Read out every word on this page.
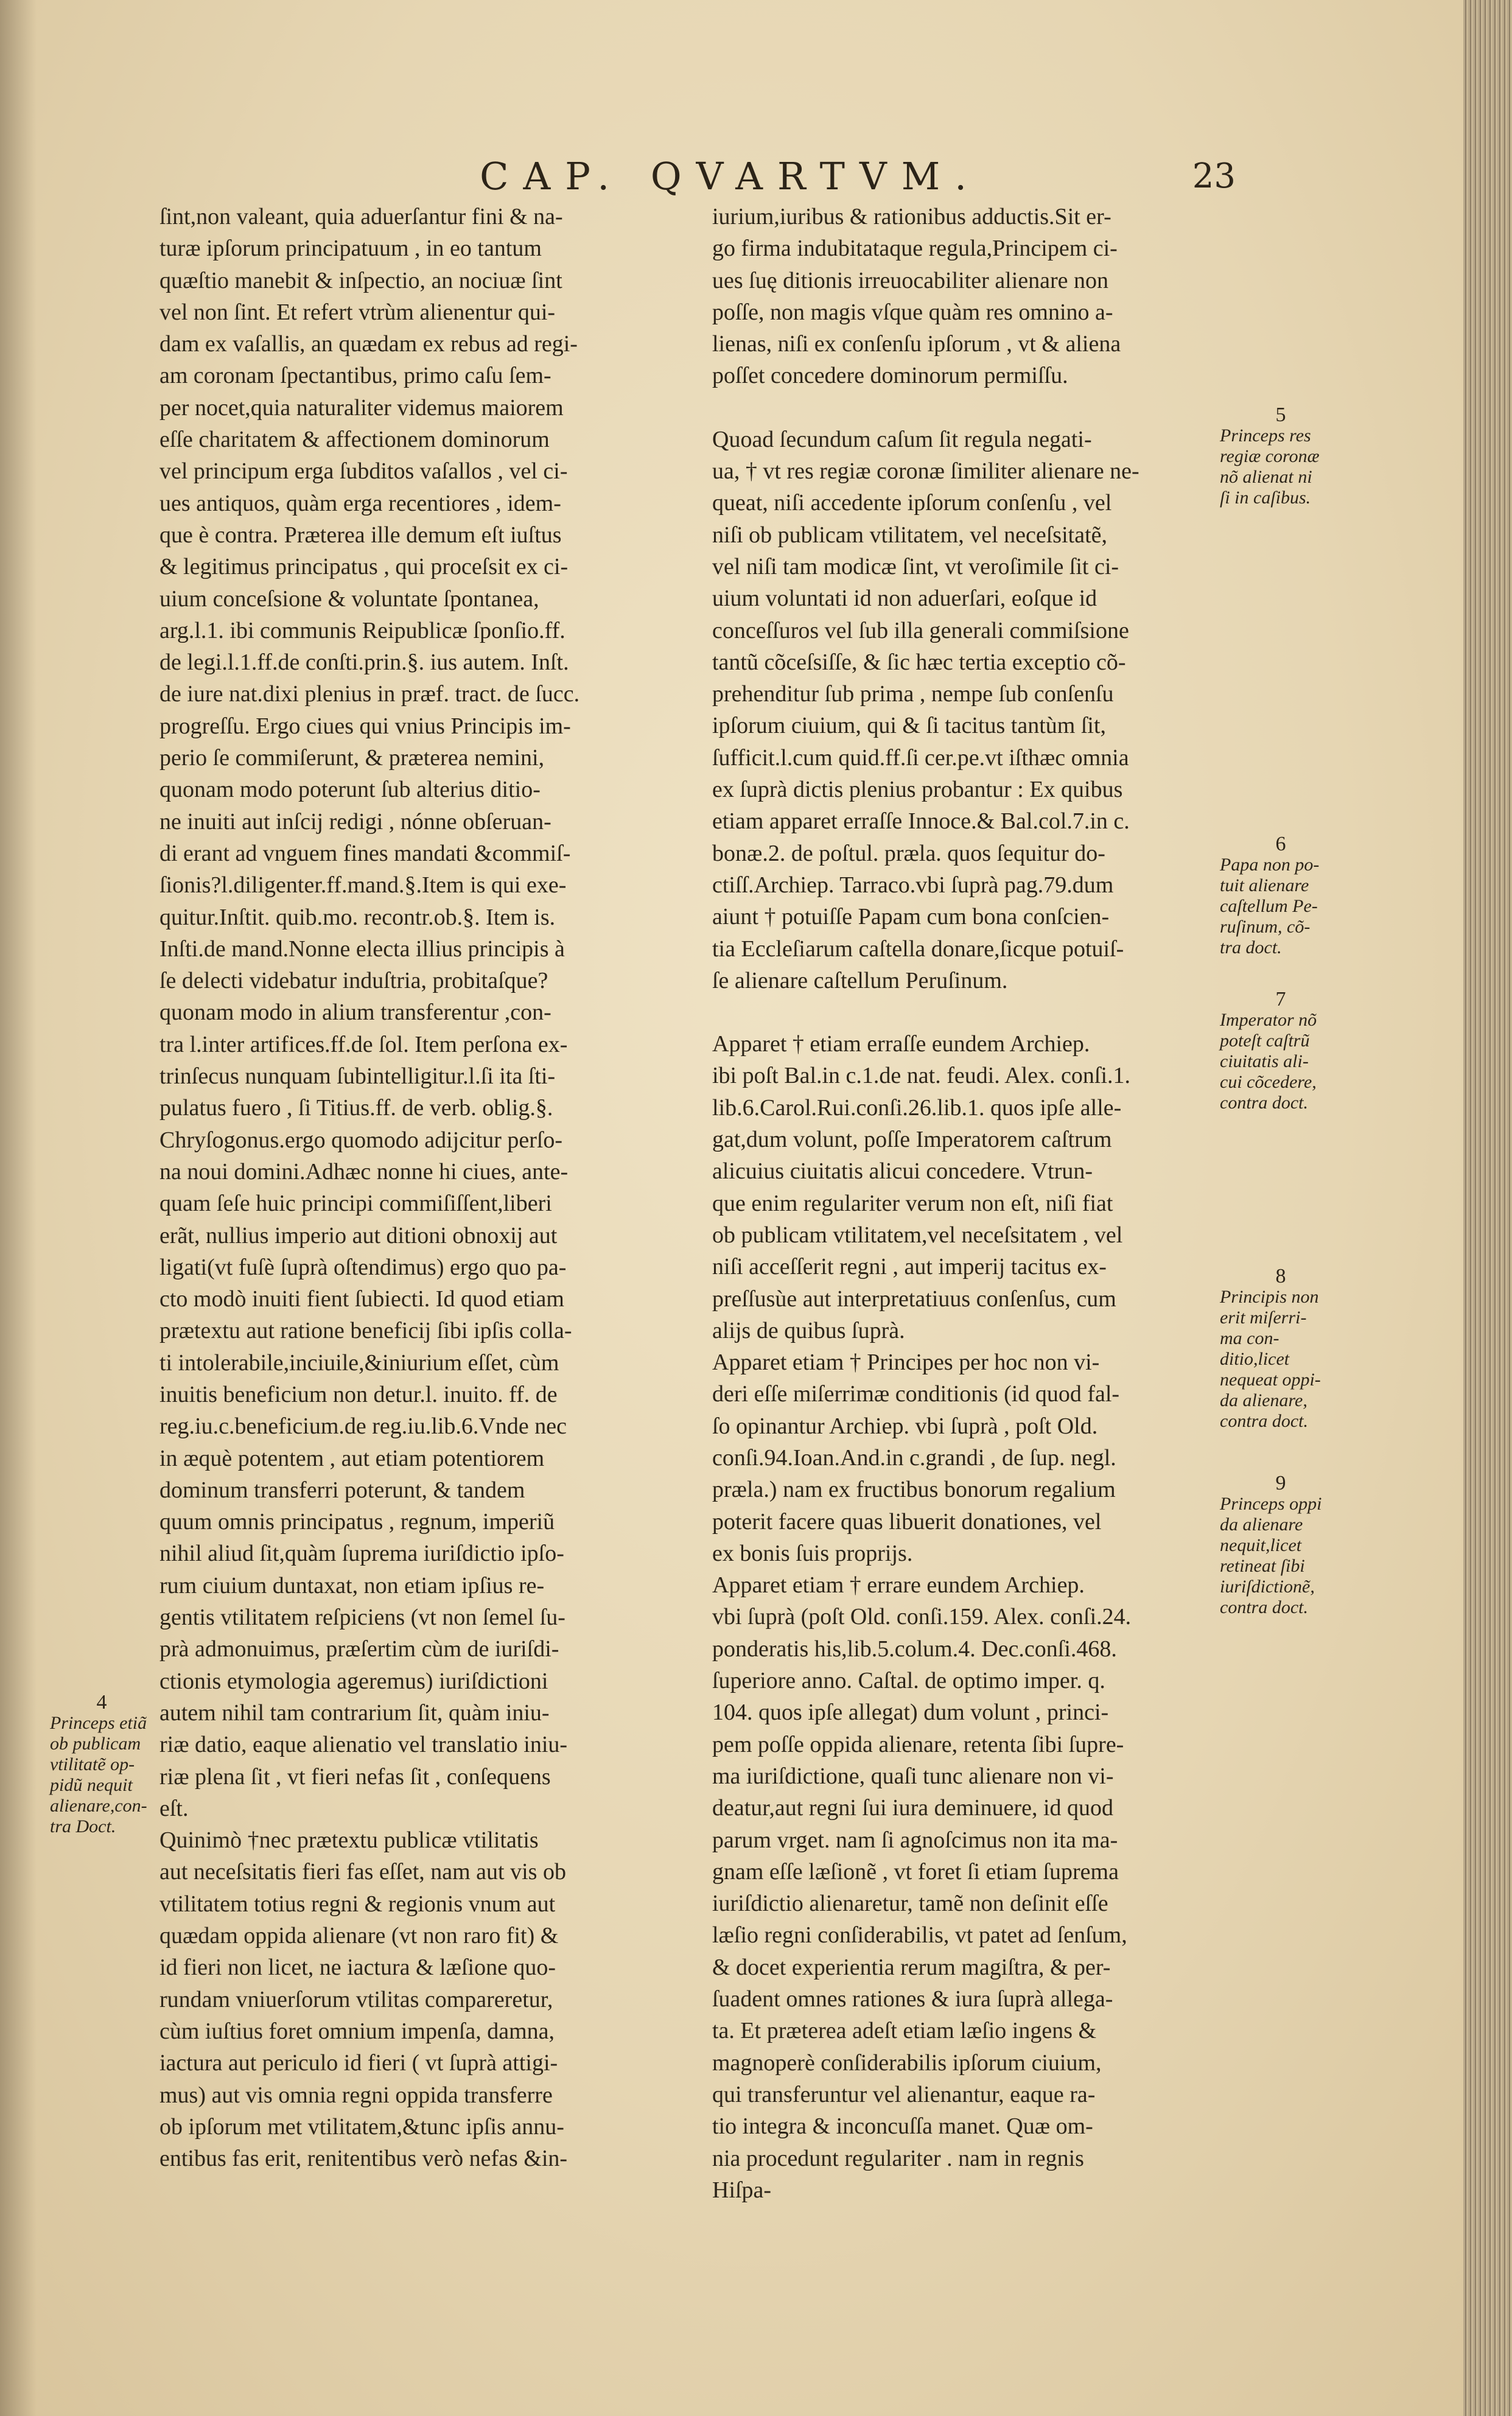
CAP. QVARTVM.	23

ſint,non valeant, quia aduerſantur fini & na-

turæ ipſorum principatuum , in eo tantum

quæſtio manebit & inſpectio, an nociuæ ſint

vel non ſint. Et refert vtrùm alienentur qui-

dam ex vaſallis, an quædam ex rebus ad regi-

am coronam ſpectantibus, primo caſu ſem-

per nocet,quia naturaliter videmus maiorem

eſſe charitatem & affectionem dominorum

vel principum erga ſubditos vaſallos , vel ci-

ues antiquos, quàm erga recentiores , idem-

que è contra. Præterea ille demum eſt iuſtus

& legitimus principatus , qui proceſsit ex ci-

uium conceſsione & voluntate ſpontanea,

arg.l.1. ibi communis Reipublicæ ſponſio.ff.

de legi.l.1.ff.de conſti.prin.§. ius autem. Inſt.

de iure nat.dixi plenius in præf. tract. de ſucc.

progreſſu. Ergo ciues qui vnius Principis im-

perio ſe commiſerunt, & præterea nemini,

quonam modo poterunt ſub alterius ditio-

ne inuiti aut inſcij redigi , nónne obſeruan-

di erant ad vnguem fines mandati &commiſ-

ſionis?l.diligenter.ff.mand.§.Item is qui exe-

quitur.Inſtit. quib.mo. recontr.ob.§. Item is.

Inſti.de mand.Nonne electa illius principis à

ſe delecti videbatur induſtria, probitaſque?

quonam modo in alium transferentur ,con-

tra l.inter artifices.ff.de ſol. Item perſona ex-

trinſecus nunquam ſubintelligitur.l.ſi ita ſti-

pulatus fuero , ſi Titius.ff. de verb. oblig.§.

Chryſogonus.ergo quomodo adijcitur perſo-

na noui domini.Adhæc nonne hi ciues, ante-

quam ſeſe huic principi commiſiſſent,liberi

erãt, nullius imperio aut ditioni obnoxij aut

ligati(vt fuſè ſuprà oſtendimus) ergo quo pa-

cto modò inuiti fient ſubiecti. Id quod etiam

prætextu aut ratione beneficij ſibi ipſis colla-

ti intolerabile,inciuile,&iniurium eſſet, cùm

inuitis beneficium non detur.l. inuito. ff. de

reg.iu.c.beneficium.de reg.iu.lib.6.Vnde nec

in æquè potentem , aut etiam potentiorem

dominum transferri poterunt, & tandem

quum omnis principatus , regnum, imperiũ

nihil aliud ſit,quàm ſuprema iuriſdictio ipſo-

rum ciuium duntaxat, non etiam ipſius re-

gentis vtilitatem reſpiciens (vt non ſemel ſu-

prà admonuimus, præſertim cùm de iuriſdi-

ctionis etymologia ageremus) iuriſdictioni

autem nihil tam contrarium ſit, quàm iniu-

riæ datio, eaque alienatio vel translatio iniu-

riæ plena ſit , vt fieri nefas ſit , conſequens

eſt.

Quinimò †nec prætextu publicæ vtilitatis

aut neceſsitatis fieri fas eſſet, nam aut vis ob

vtilitatem totius regni & regionis vnum aut

quædam oppida alienare (vt non raro fit) &

id fieri non licet, ne iactura & læſione quo-

rundam vniuerſorum vtilitas compareretur,

cùm iuſtius foret omnium impenſa, damna,

iactura aut periculo id fieri ( vt ſuprà attigi-

mus) aut vis omnia regni oppida transferre

ob ipſorum met vtilitatem,&tunc ipſis annu-

entibus fas erit, renitentibus verò nefas &in-

iurium,iuribus & rationibus adductis.Sit er-

go firma indubitataque regula,Principem ci-

ues ſuę ditionis irreuocabiliter alienare non

poſſe, non magis vſque quàm res omnino a-

lienas, niſi ex conſenſu ipſorum , vt & aliena

poſſet concedere dominorum permiſſu.

Quoad ſecundum caſum ſit regula negati-

ua, † vt res regiæ coronæ ſimiliter alienare ne-

queat, niſi accedente ipſorum conſenſu , vel

niſi ob publicam vtilitatem, vel neceſsitatẽ,

vel niſi tam modicæ ſint, vt veroſimile ſit ci-

uium voluntati id non aduerſari, eoſque id

conceſſuros vel ſub illa generali commiſsione

tantũ cõceſsiſſe, & ſic hæc tertia exceptio cõ-

prehenditur ſub prima , nempe ſub conſenſu

ipſorum ciuium, qui & ſi tacitus tantùm ſit,

ſufficit.l.cum quid.ff.ſi cer.pe.vt iſthæc omnia

ex ſuprà dictis plenius probantur : Ex quibus

etiam apparet erraſſe Innoce.& Bal.col.7.in c.

bonæ.2. de poſtul. præla. quos ſequitur do-

ctiſſ.Archiep. Tarraco.vbi ſuprà pag.79.dum

aiunt † potuiſſe Papam cum bona conſcien-

tia Eccleſiarum caſtella donare,ſicque potuiſ-

ſe alienare caſtellum Peruſinum.

Apparet † etiam erraſſe eundem Archiep.

ibi poſt Bal.in c.1.de nat. feudi. Alex. conſi.1.

lib.6.Carol.Rui.conſi.26.lib.1. quos ipſe alle-

gat,dum volunt, poſſe Imperatorem caſtrum

alicuius ciuitatis alicui concedere. Vtrun-

que enim regulariter verum non eſt, niſi fiat

ob publicam vtilitatem,vel neceſsitatem , vel

niſi acceſſerit regni , aut imperij tacitus ex-

preſſusùe aut interpretatiuus conſenſus, cum

alijs de quibus ſuprà.

Apparet etiam † Principes per hoc non vi-

deri eſſe miſerrimæ conditionis (id quod fal-

ſo opinantur Archiep. vbi ſuprà , poſt Old.

conſi.94.Ioan.And.in c.grandi , de ſup. negl.

præla.) nam ex fructibus bonorum regalium

poterit facere quas libuerit donationes, vel

ex bonis ſuis proprijs.

Apparet etiam † errare eundem Archiep.

vbi ſuprà (poſt Old. conſi.159. Alex. conſi.24.

ponderatis his,lib.5.colum.4. Dec.conſi.468.

ſuperiore anno. Caſtal. de optimo imper. q.

104. quos ipſe allegat) dum volunt , princi-

pem poſſe oppida alienare, retenta ſibi ſupre-

ma iuriſdictione, quaſi tunc alienare non vi-

deatur,aut regni ſui iura deminuere, id quod

parum vrget. nam ſi agnoſcimus non ita ma-

gnam eſſe læſionẽ , vt foret ſi etiam ſuprema

iuriſdictio alienaretur, tamẽ non deſinit eſſe

læſio regni conſiderabilis, vt patet ad ſenſum,

& docet experientia rerum magiſtra, & per-

ſuadent omnes rationes & iura ſuprà allega-

ta. Et præterea adeſt etiam læſio ingens &

magnoperè conſiderabilis ipſorum ciuium,

qui transferuntur vel alienantur, eaque ra-

tio integra & inconcuſſa manet. Quæ om-

nia procedunt regulariter . nam in regnis

Hiſpa-

4
Princeps etiã
ob publicam
vtilitatẽ op-
pidũ nequit
alienare,con-
tra Doct.
5
Princeps res
regiæ coronæ
nõ alienat ni
ſi in caſibus.
6
Papa non po-
tuit alienare
caſtellum Pe-
ruſinum, cõ-
tra doct.
7
Imperator nõ
poteſt caſtrũ
ciuitatis ali-
cui cõcedere,
contra doct.
8
Principis non
erit miſerri-
ma con-
ditio,licet
nequeat oppi-
da alienare,
contra doct.
9
Princeps oppi
da alienare
nequit,licet
retineat ſibi
iuriſdictionẽ,
contra doct.
